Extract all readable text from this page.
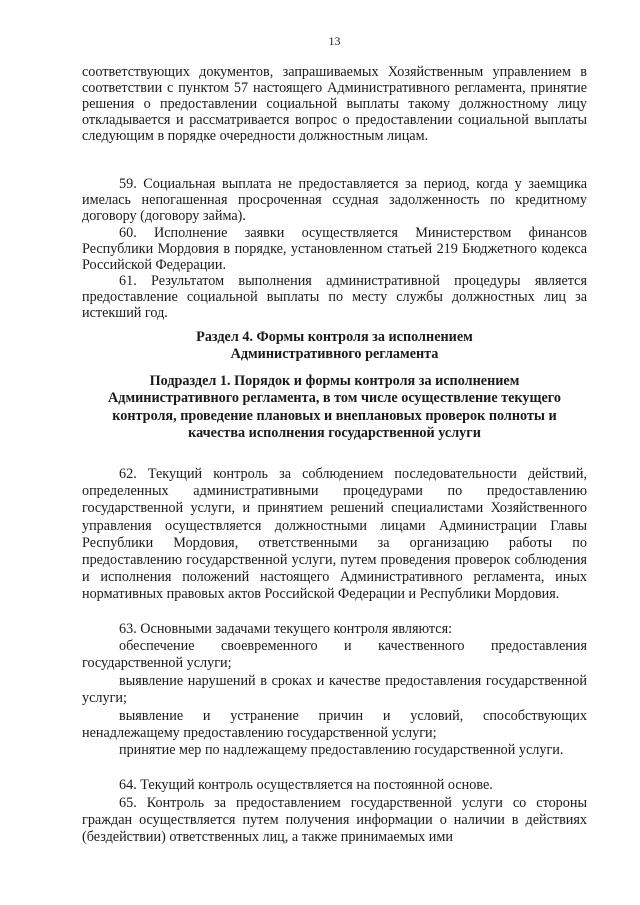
13

соответствующих документов, запрашиваемых Хозяйственным управлением в соответствии с пунктом 57 настоящего Административного регламента, принятие решения о предоставлении социальной выплаты такому должностному лицу откладывается и рассматривается вопрос о предоставлении социальной выплаты следующим в порядке очередности должностным лицам.

59. Социальная выплата не предоставляется за период, когда у заемщика имелась непогашенная просроченная ссудная задолженность по кредитному договору (договору займа).

60. Исполнение заявки осуществляется Министерством финансов Республики Мордовия в порядке, установленном статьей 219 Бюджетного кодекса Российской Федерации.

61. Результатом выполнения административной процедуры является предоставление социальной выплаты по месту службы должностных лиц за истекший год.

Раздел 4. Формы контроля за исполнением Административного регламента
Подраздел 1. Порядок и формы контроля за исполнением Административного регламента, в том числе осуществление текущего контроля, проведение плановых и внеплановых проверок полноты и качества исполнения государственной услуги

62. Текущий контроль за соблюдением последовательности действий, определенных административными процедурами по предоставлению государственной услуги, и принятием решений специалистами Хозяйственного управления осуществляется должностными лицами Администрации Главы Республики Мордовия, ответственными за организацию работы по предоставлению государственной услуги, путем проведения проверок соблюдения и исполнения положений настоящего Административного регламента, иных нормативных правовых актов Российской Федерации и Республики Мордовия.

63. Основными задачами текущего контроля являются:

обеспечение своевременного и качественного предоставления государственной услуги;

выявление нарушений в сроках и качестве предоставления государственной услуги;

выявление и устранение причин и условий, способствующих ненадлежащему предоставлению государственной услуги;

принятие мер по надлежащему предоставлению государственной услуги.

64. Текущий контроль осуществляется на постоянной основе.

65. Контроль за предоставлением государственной услуги со стороны граждан осуществляется путем получения информации о наличии в действиях (бездействии) ответственных лиц, а также принимаемых ими
